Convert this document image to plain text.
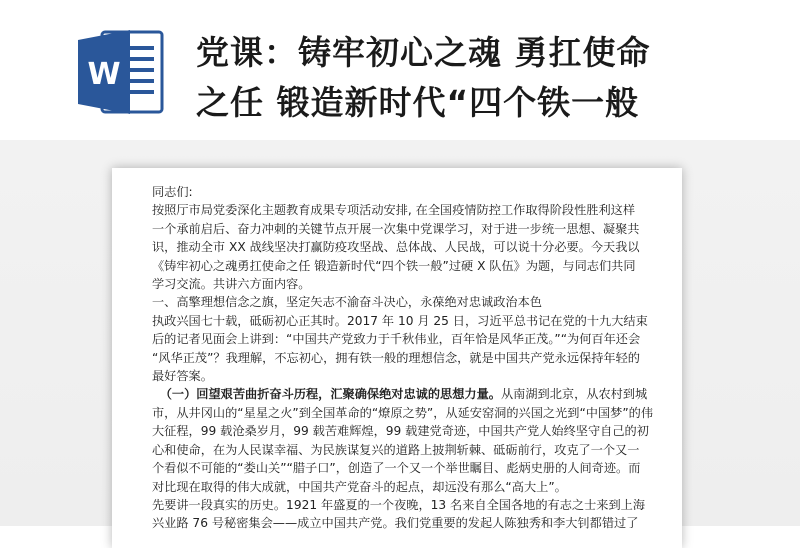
W
党课：铸牢初心之魂 勇扛使命
之任 锻造新时代“四个铁一般

同志们:

按照厅市局党委深化主题教育成果专项活动安排, 在全国疫情防控工作取得阶段性胜利这样

一个承前启后、奋力冲刺的关键节点开展一次集中党课学习，对于进一步统一思想、凝聚共

识，推动全市 XX 战线坚决打赢防疫攻坚战、总体战、人民战，可以说十分必要。今天我以

《铸牢初心之魂勇扛使命之任 锻造新时代“四个铁一般”过硬 X 队伍》为题，与同志们共同

学习交流。共讲六方面内容。

一、高擎理想信念之旗，坚定矢志不渝奋斗决心，永葆绝对忠诚政治本色

执政兴国七十载，砥砺初心正其时。2017 年 10 月 25 日，习近平总书记在党的十九大结束

后的记者见面会上讲到：“中国共产党致力于千秋伟业，百年恰是风华正茂。”“为何百年还会

“风华正茂”？我理解，不忘初心，拥有铁一般的理想信念，就是中国共产党永远保持年轻的

最好答案。

（一）回望艰苦曲折奋斗历程，汇聚确保绝对忠诚的思想力量。从南湖到北京，从农村到城

市，从井冈山的“星星之火”到全国革命的“燎原之势”，从延安窑洞的兴国之光到“中国梦”的伟

大征程，99 载沧桑岁月，99 载苦难辉煌，99 载建党奇迹，中国共产党人始终坚守自己的初

心和使命，在为人民谋幸福、为民族谋复兴的道路上披荆斩棘、砥砺前行，攻克了一个又一

个看似不可能的“娄山关”“腊子口”，创造了一个又一个举世瞩目、彪炳史册的人间奇迹。而

对比现在取得的伟大成就，中国共产党奋斗的起点，却远没有那么“高大上”。

先要讲一段真实的历史。1921 年盛夏的一个夜晚，13 名来自全国各地的有志之士来到上海

兴业路 76 号秘密集会——成立中国共产党。我们党重要的发起人陈独秀和李大钊都错过了
